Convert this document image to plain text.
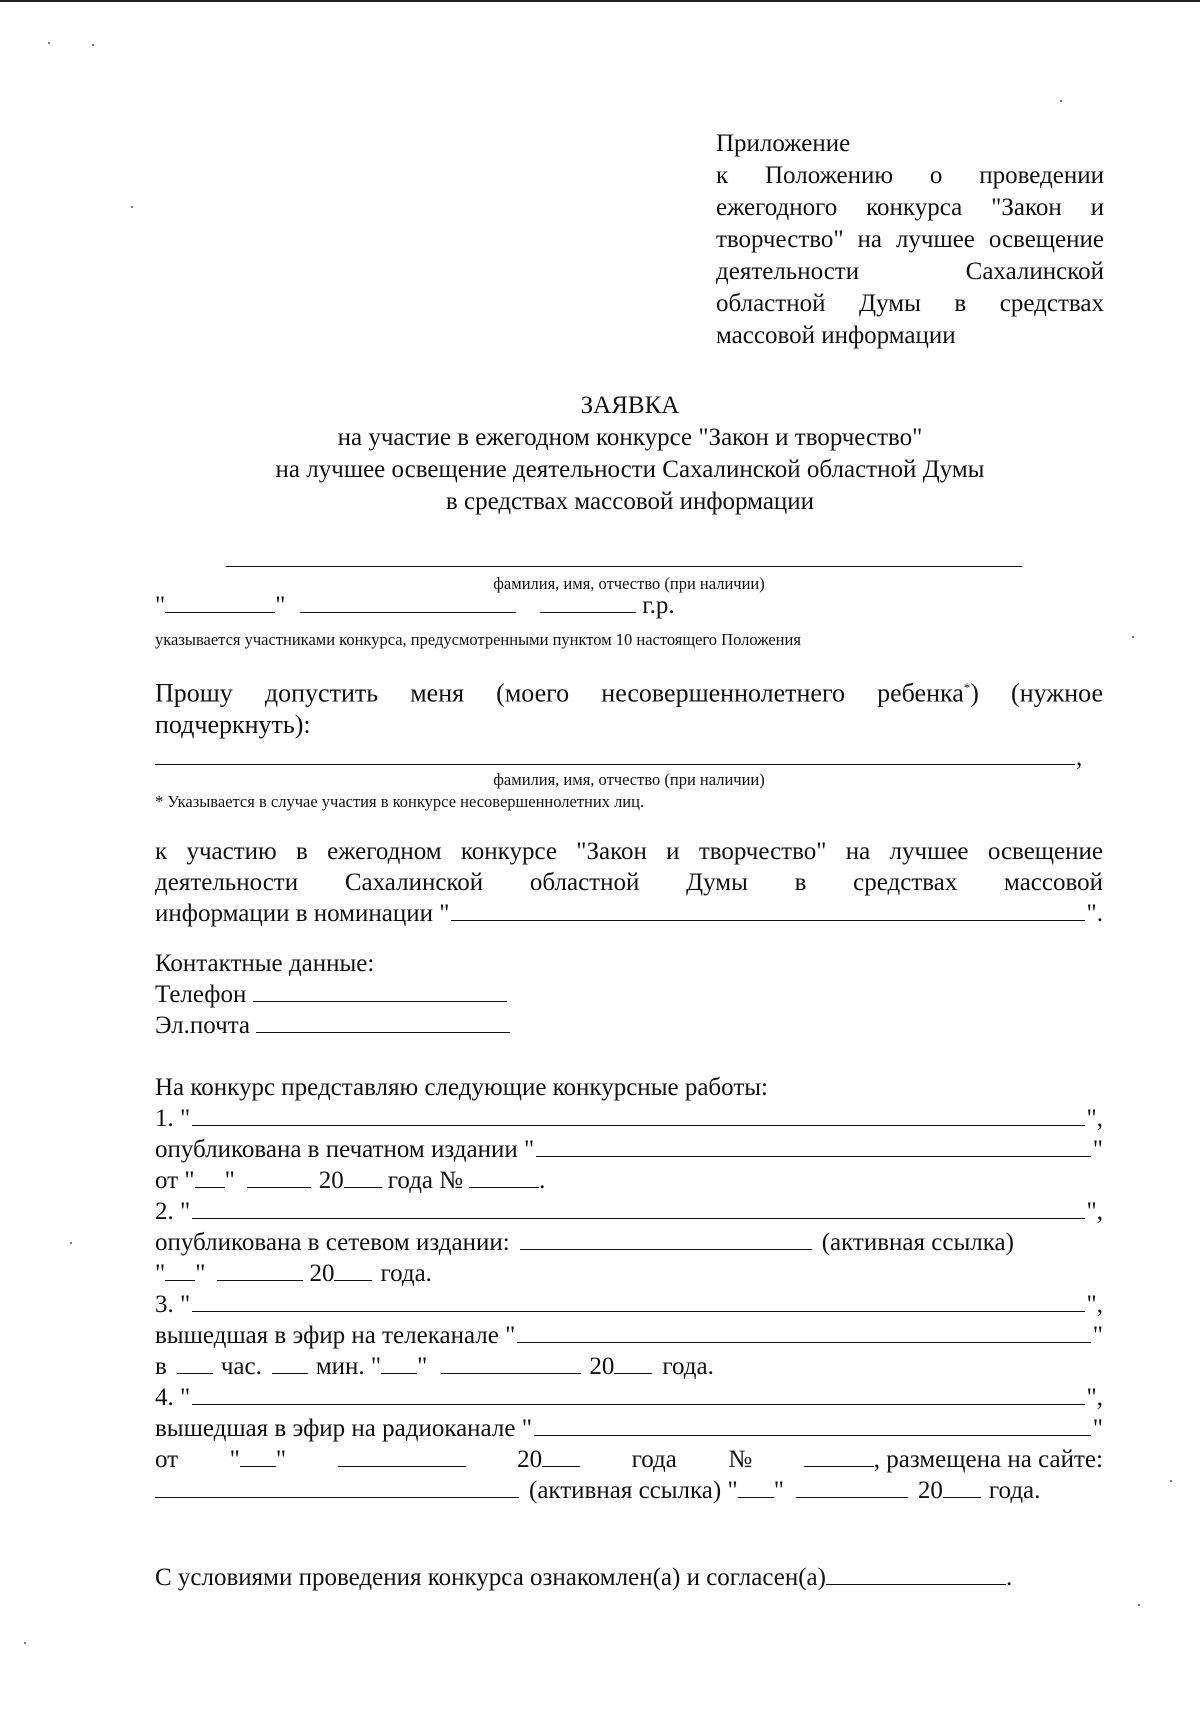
Приложение
к Положению о проведении ежегодного конкурса "Закон и творчество" на лучшее освещение деятельности Сахалинской областной Думы в средствах массовой информации
ЗАЯВКА
на участие в ежегодном конкурсе "Закон и творчество"
на лучшее освещение деятельности Сахалинской областной Думы
в средствах массовой информации
фамилия, имя, отчество (при наличии)
"	"	г.р.
указывается участниками конкурса, предусмотренными пунктом 10 настоящего Положения
Прошу допустить меня (моего несовершеннолетнего ребенка*) (нужное
подчеркнуть):
,
фамилия, имя, отчество (при наличии)
* Указывается в случае участия в конкурсе несовершеннолетних лиц.
к участию в ежегодном конкурсе "Закон и творчество" на лучшее освещение
деятельности Сахалинской областной Думы в средствах массовой
информации в номинации "	".
Контактные данные:
Телефон
Эл.почта
На конкурс представляю следующие конкурсные работы:
1. "	",
опубликована в печатном издании "	"
от " "	20 года №	.
2. "	",
опубликована в сетевом издании:	(активная ссылка)
" "	20 года.
3. "	",
вышедшая в эфир на телеканале "	"
в час. мин. " "	20 года.
4. "	",
вышедшая в эфир на радиоканале "	"
от " "	20	года №	, размещена на сайте:
(активная ссылка) " "	20 года.
С условиями проведения конкурса ознакомлен(а) и согласен(а)	.
